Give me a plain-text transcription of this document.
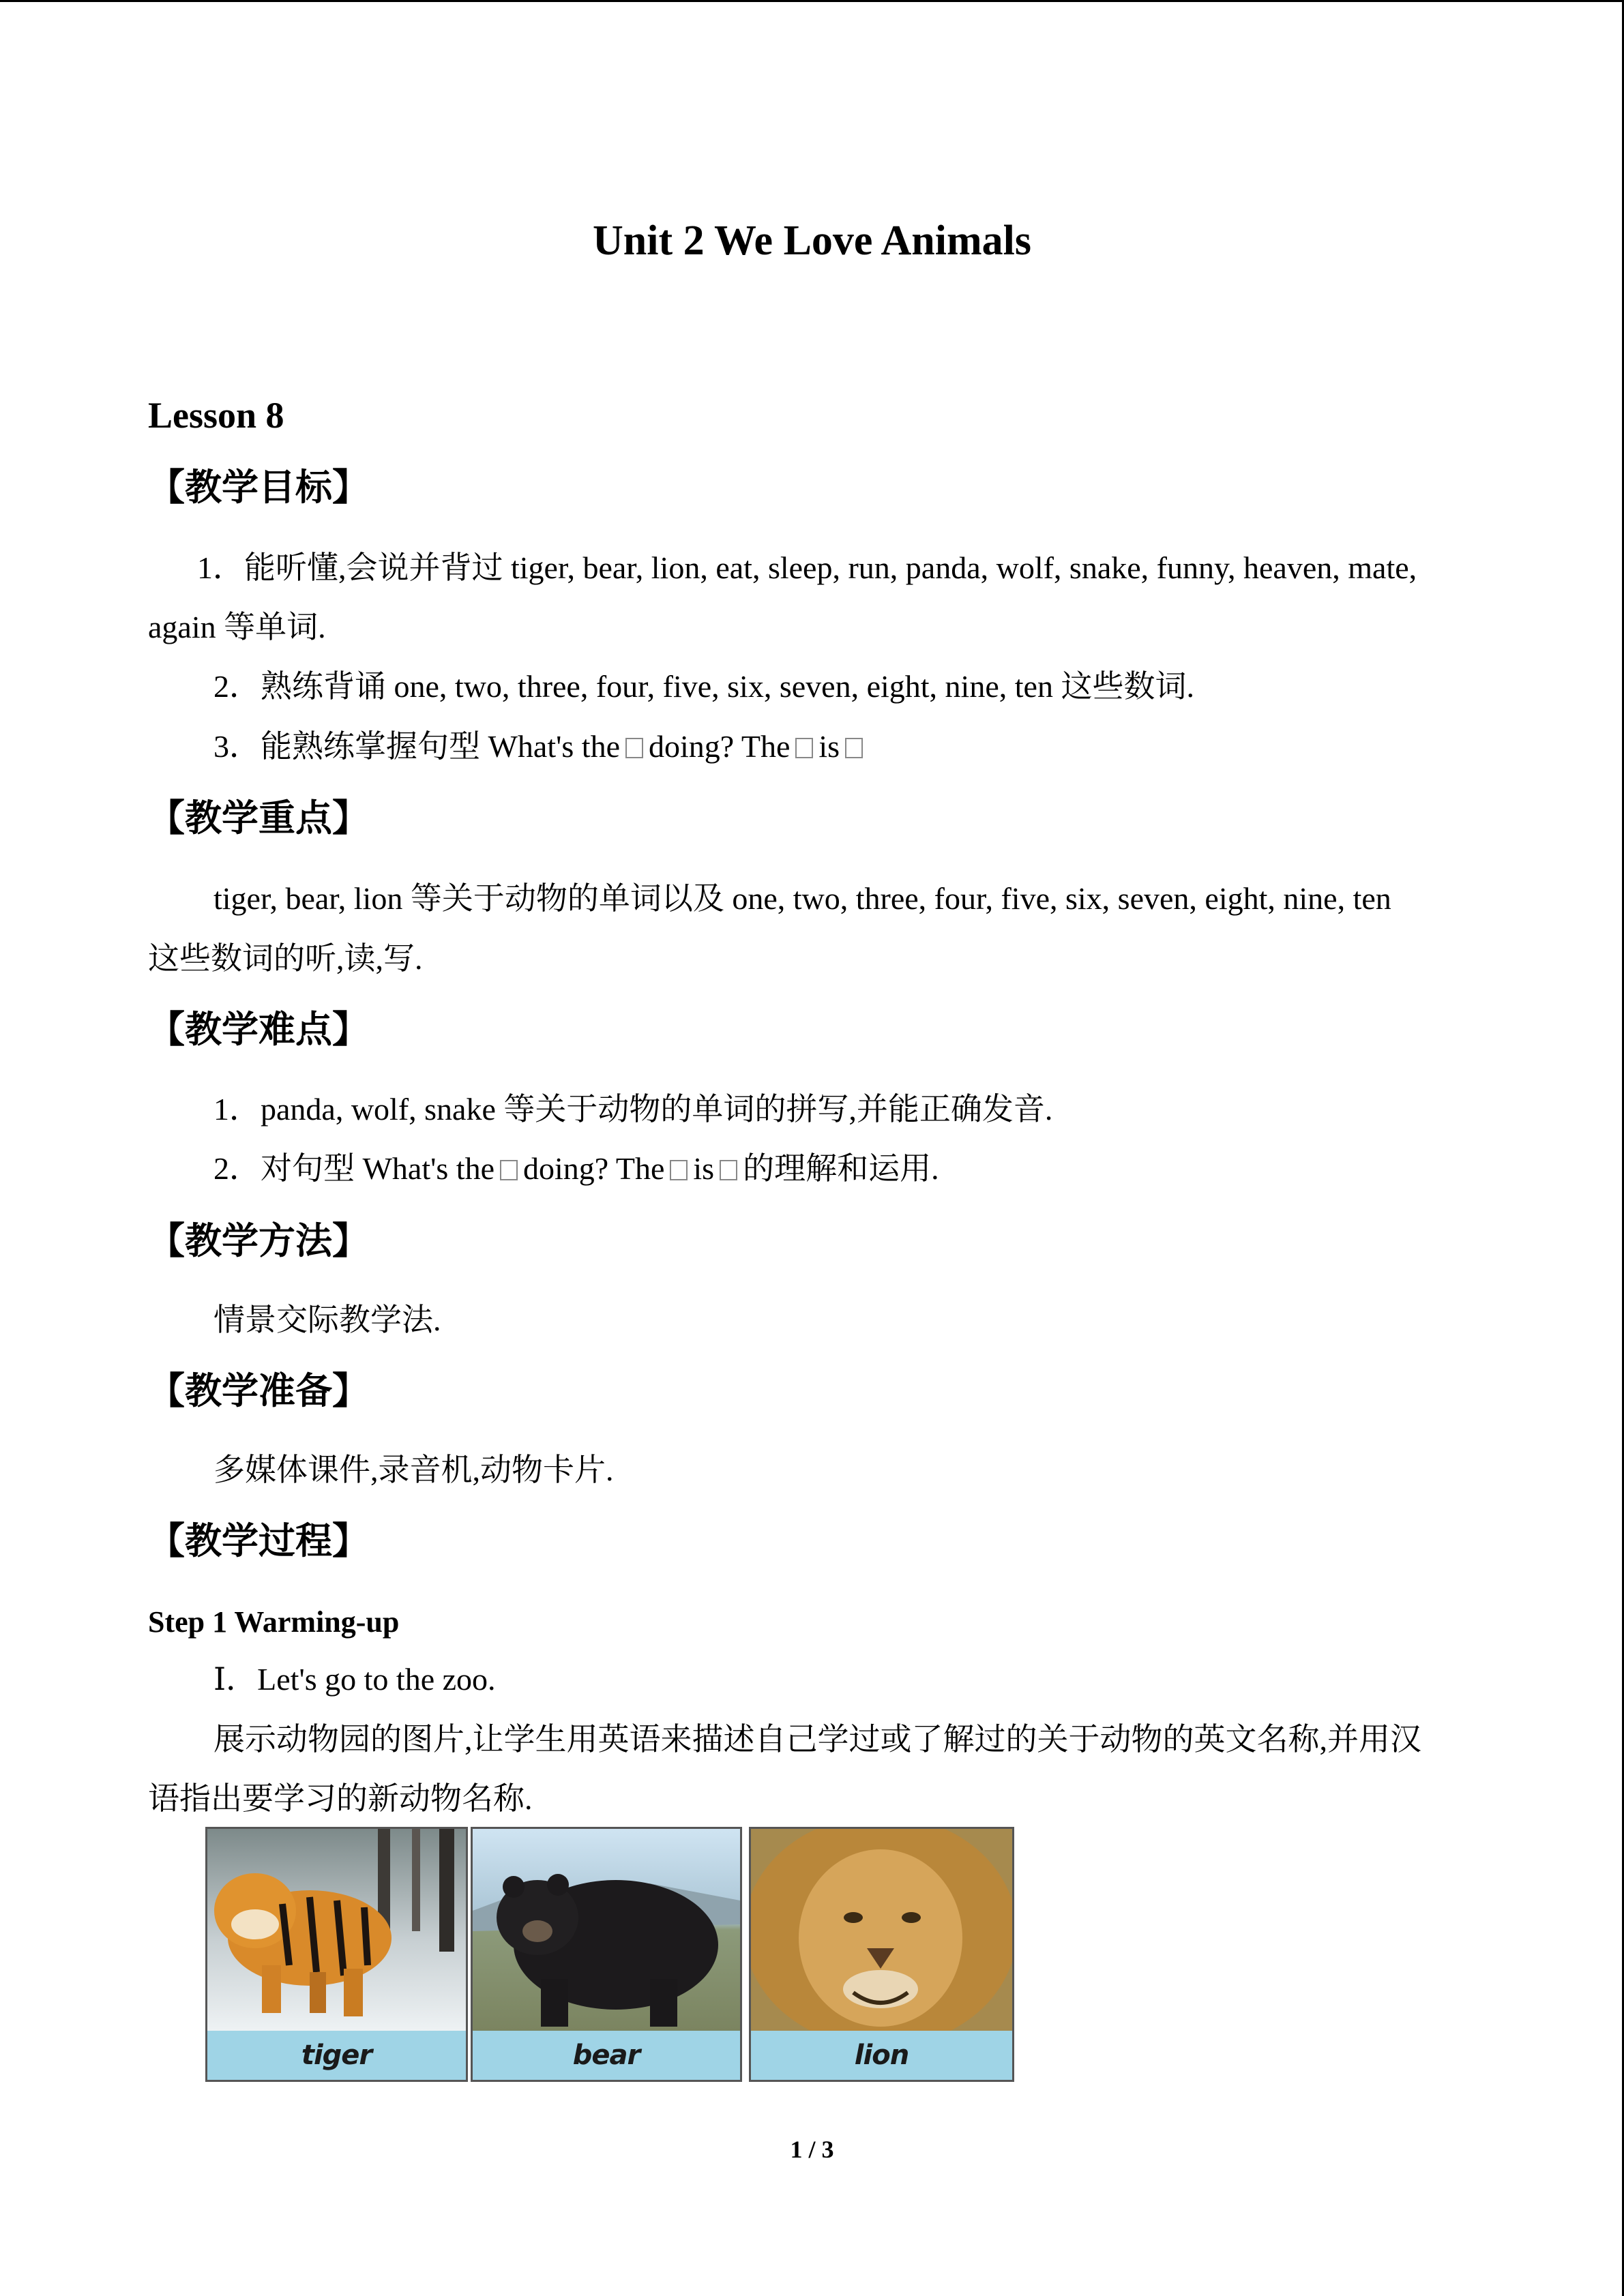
Unit 2 We Love Animals
Lesson 8
【教学目标】
1．能听懂,会说并背过 tiger, bear, lion, eat, sleep, run, panda, wolf, snake, funny, heaven, mate,
again 等单词.
2．熟练背诵 one, two, three, four, five, six, seven, eight, nine, ten 这些数词.
3．能熟练掌握句型 What's the doing? The is
【教学重点】
tiger, bear, lion 等关于动物的单词以及 one, two, three, four, five, six, seven, eight, nine, ten
这些数词的听,读,写.
【教学难点】
1．panda, wolf, snake 等关于动物的单词的拼写,并能正确发音.
2．对句型 What's the doing? The is 的理解和运用.
【教学方法】
情景交际教学法.
【教学准备】
多媒体课件,录音机,动物卡片.
【教学过程】
Step 1 Warming-up
Ⅰ．Let's go to the zoo.
展示动物园的图片,让学生用英语来描述自己学过或了解过的关于动物的英文名称,并用汉
语指出要学习的新动物名称.
tiger	bear	lion
1 / 3
